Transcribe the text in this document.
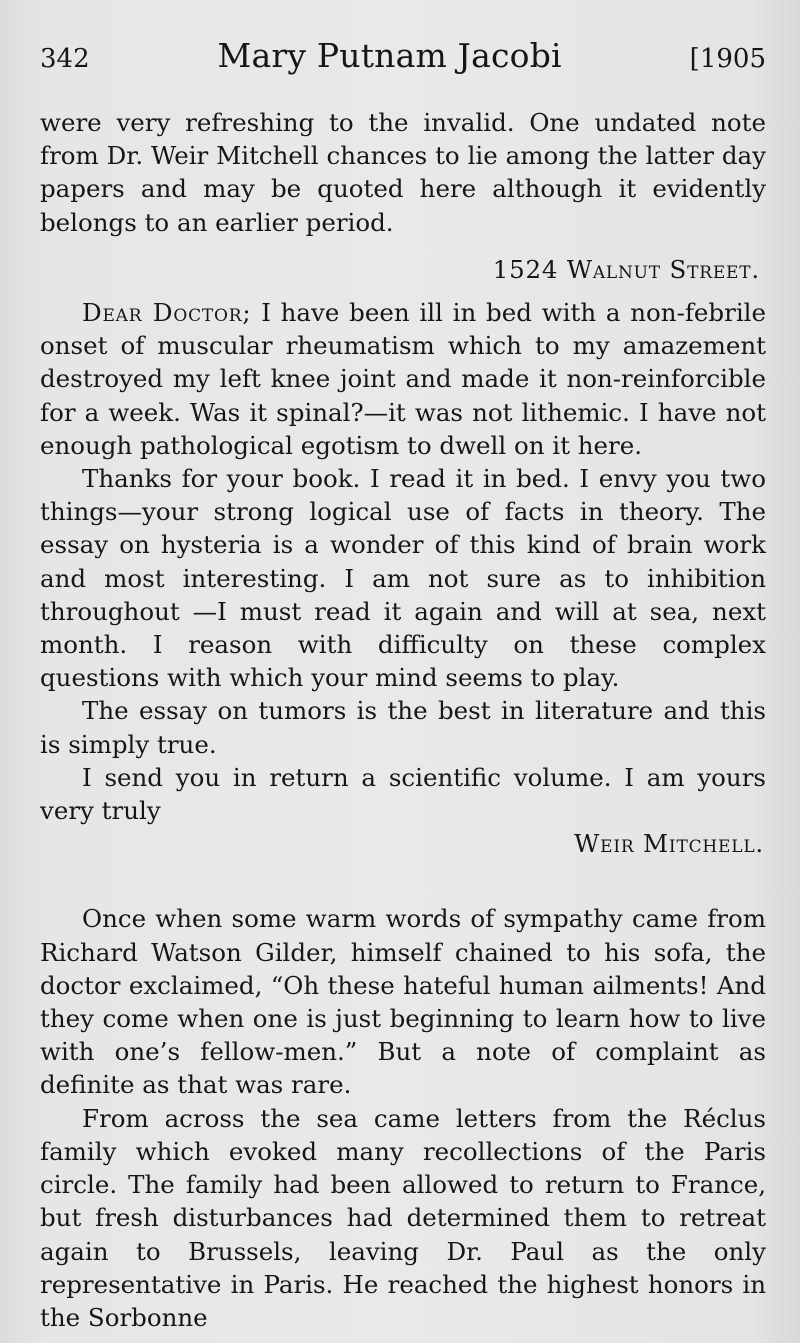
342	Mary Putnam Jacobi	[1905

were very refreshing to the invalid. One undated note from Dr. Weir Mitchell chances to lie among the latter day papers and may be quoted here although it evidently belongs to an earlier period.

1524 Walnut Street.

Dear Doctor; I have been ill in bed with a non-febrile onset of muscular rheumatism which to my amazement destroyed my left knee joint and made it non-reinforcible for a week. Was it spinal?—it was not lithemic. I have not enough pathological egotism to dwell on it here.

Thanks for your book. I read it in bed. I envy you two things—your strong logical use of facts in theory. The essay on hysteria is a wonder of this kind of brain work and most interesting. I am not sure as to inhibition throughout —I must read it again and will at sea, next month. I reason with difficulty on these complex questions with which your mind seems to play.

The essay on tumors is the best in literature and this is simply true.

I send you in return a scientific volume. I am yours very truly

Weir Mitchell.

Once when some warm words of sympathy came from Richard Watson Gilder, himself chained to his sofa, the doctor exclaimed, “Oh these hateful human ailments! And they come when one is just beginning to learn how to live with one’s fellow-men.” But a note of complaint as definite as that was rare.

From across the sea came letters from the Réclus family which evoked many recollections of the Paris circle. The family had been allowed to return to France, but fresh disturbances had determined them to retreat again to Brussels, leaving Dr. Paul as the only representative in Paris. He reached the highest honors in the Sorbonne
